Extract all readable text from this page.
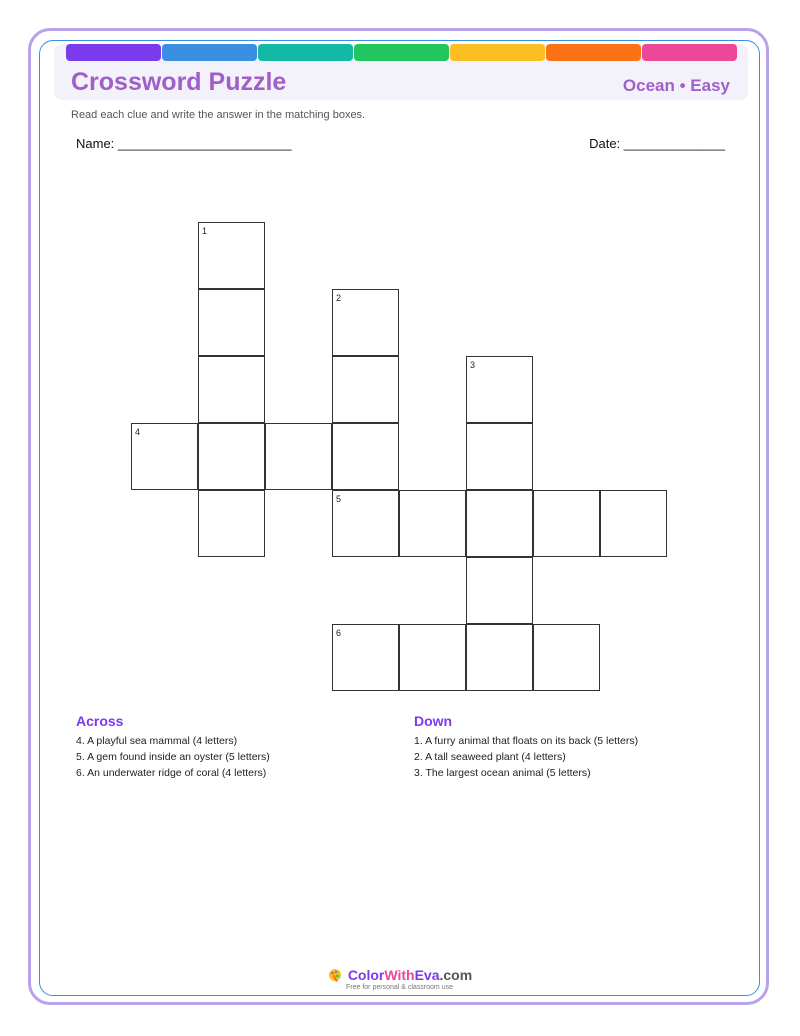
Crossword Puzzle	Ocean • Easy
Read each clue and write the answer in the matching boxes.
Name: ________________________	Date: ______________
1
2
5
3
4
6
Across
4. A playful sea mammal (4 letters)
5. A gem found inside an oyster (5 letters)
6. An underwater ridge of coral (4 letters)
Down
1. A furry animal that floats on its back (5 letters)
2. A tall seaweed plant (4 letters)
3. The largest ocean animal (5 letters)
ColorWithEva.com
Free for personal & classroom use
